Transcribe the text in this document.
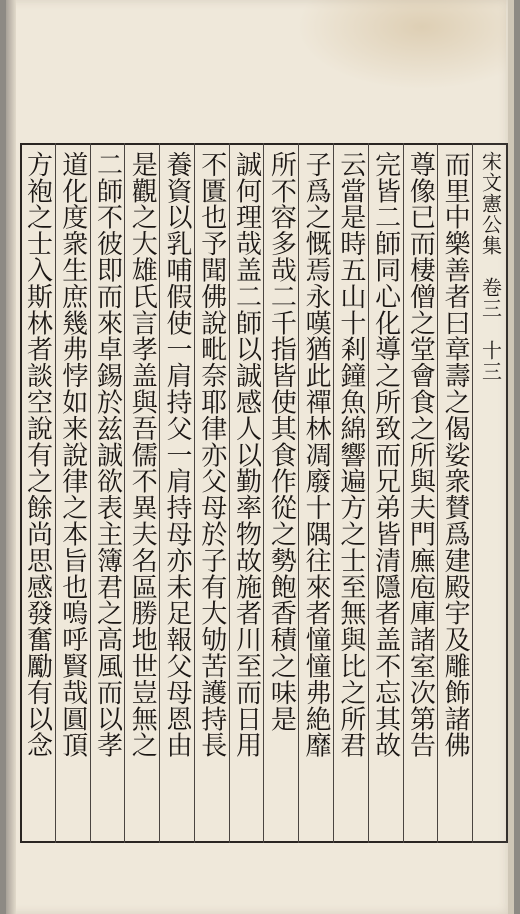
宋文憲公集　卷三　十三
而里中樂善者曰章壽之偈娑衆賛爲建殿宇及雕飾諸佛
尊像已而棲僧之堂會食之所與夫門廡庖庫諸室次第告
完皆二師同心化導之所致而兄弟皆清隱者盖不忘其故
云當是時五山十剎鐘魚綿響遍方之士至無與比之所君
子爲之慨焉永嘆猶此禪林凋廢十隅往來者憧憧弗絶靡
所不容多哉二千指皆使其食作從之勢飽香積之味是
誠何理哉盖二師以誠感人以勤率物故施者川至而日用
不匱也予聞佛說毗奈耶律亦父母於子有大劬苦護持長
養資以乳哺假使一肩持父一肩持母亦未足報父母恩由
是觀之大雄氏言孝盖與吾儒不異夫名區勝地世豈無之
二師不彼即而來卓錫於兹誠欲表主簿君之高風而以孝
道化度衆生庶幾弗悖如来說律之本旨也嗚呼賢哉圓頂
方袍之士入斯林者談空說有之餘尚思感發奮勵有以念
